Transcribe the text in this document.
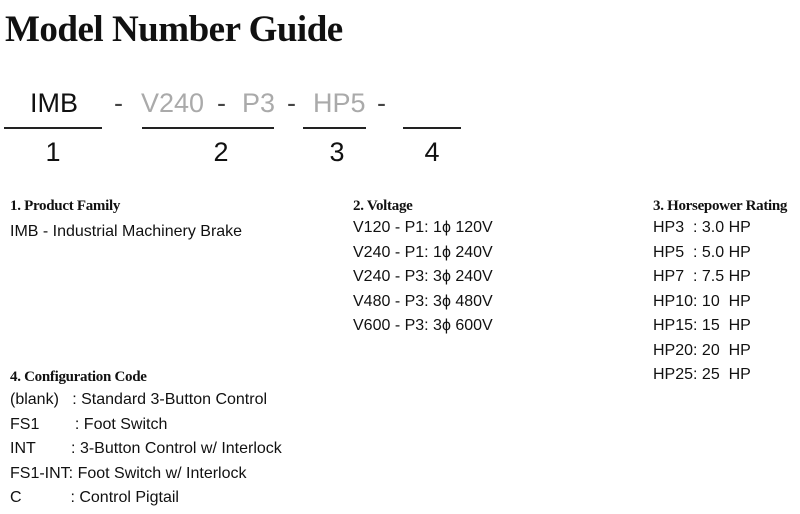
Model Number Guide
IMB - V240 - P3 - HP5 -
1	2	3	4
1. Product Family
IMB - Industrial Machinery Brake
2. Voltage
V120 - P1: 1ϕ 120V
V240 - P1: 1ϕ 240V
V240 - P3: 3ϕ 240V
V480 - P3: 3ϕ 480V
V600 - P3: 3ϕ 600V
3. Horsepower Rating
HP3  : 3.0 HP
HP5  : 5.0 HP
HP7  : 7.5 HP
HP10: 10  HP
HP15: 15  HP
HP20: 20  HP
HP25: 25  HP
4. Configuration Code
(blank)   : Standard 3-Button Control
FS1        : Foot Switch
INT        : 3-Button Control w/ Interlock
FS1-INT: Foot Switch w/ Interlock
C           : Control Pigtail
